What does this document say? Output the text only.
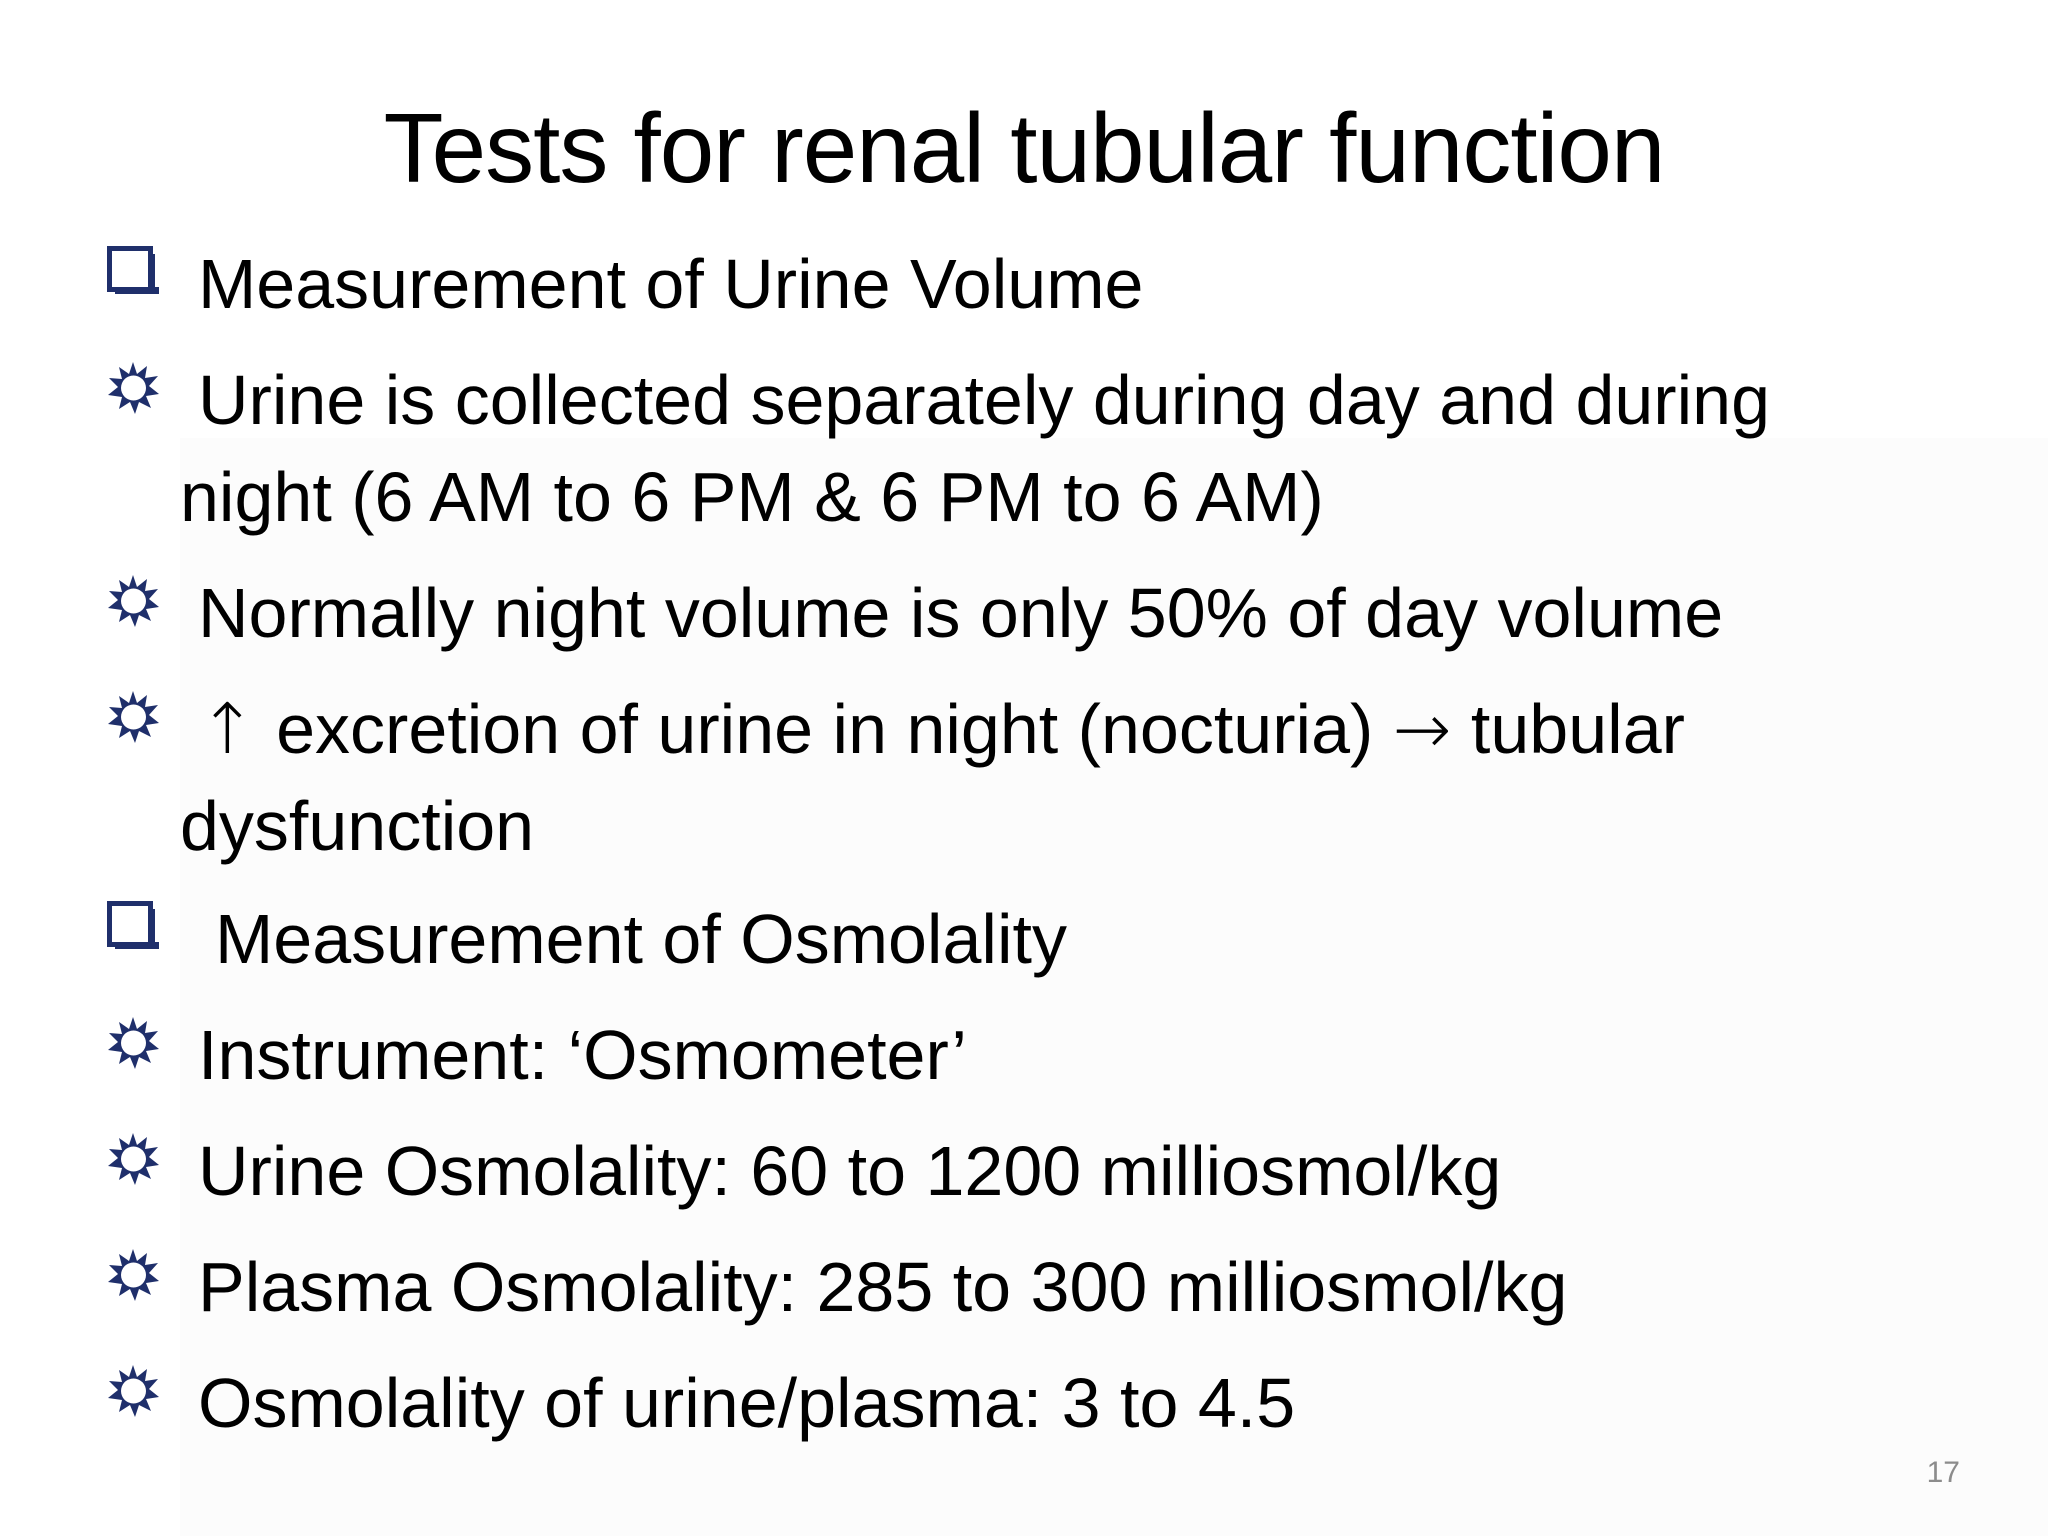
Tests for renal tubular function
Measurement of Urine Volume
Urine is collected separately during day and during
night (6 AM to 6 PM & 6 PM to 6 AM)
Normally night volume is only 50% of day volume
↑ excretion of urine in night (nocturia) → tubular
dysfunction
Measurement of Osmolality
Instrument: ‘Osmometer’
Urine Osmolality: 60 to 1200 milliosmol/kg
Plasma Osmolality: 285 to 300 milliosmol/kg
Osmolality of urine/plasma: 3 to 4.5
17
